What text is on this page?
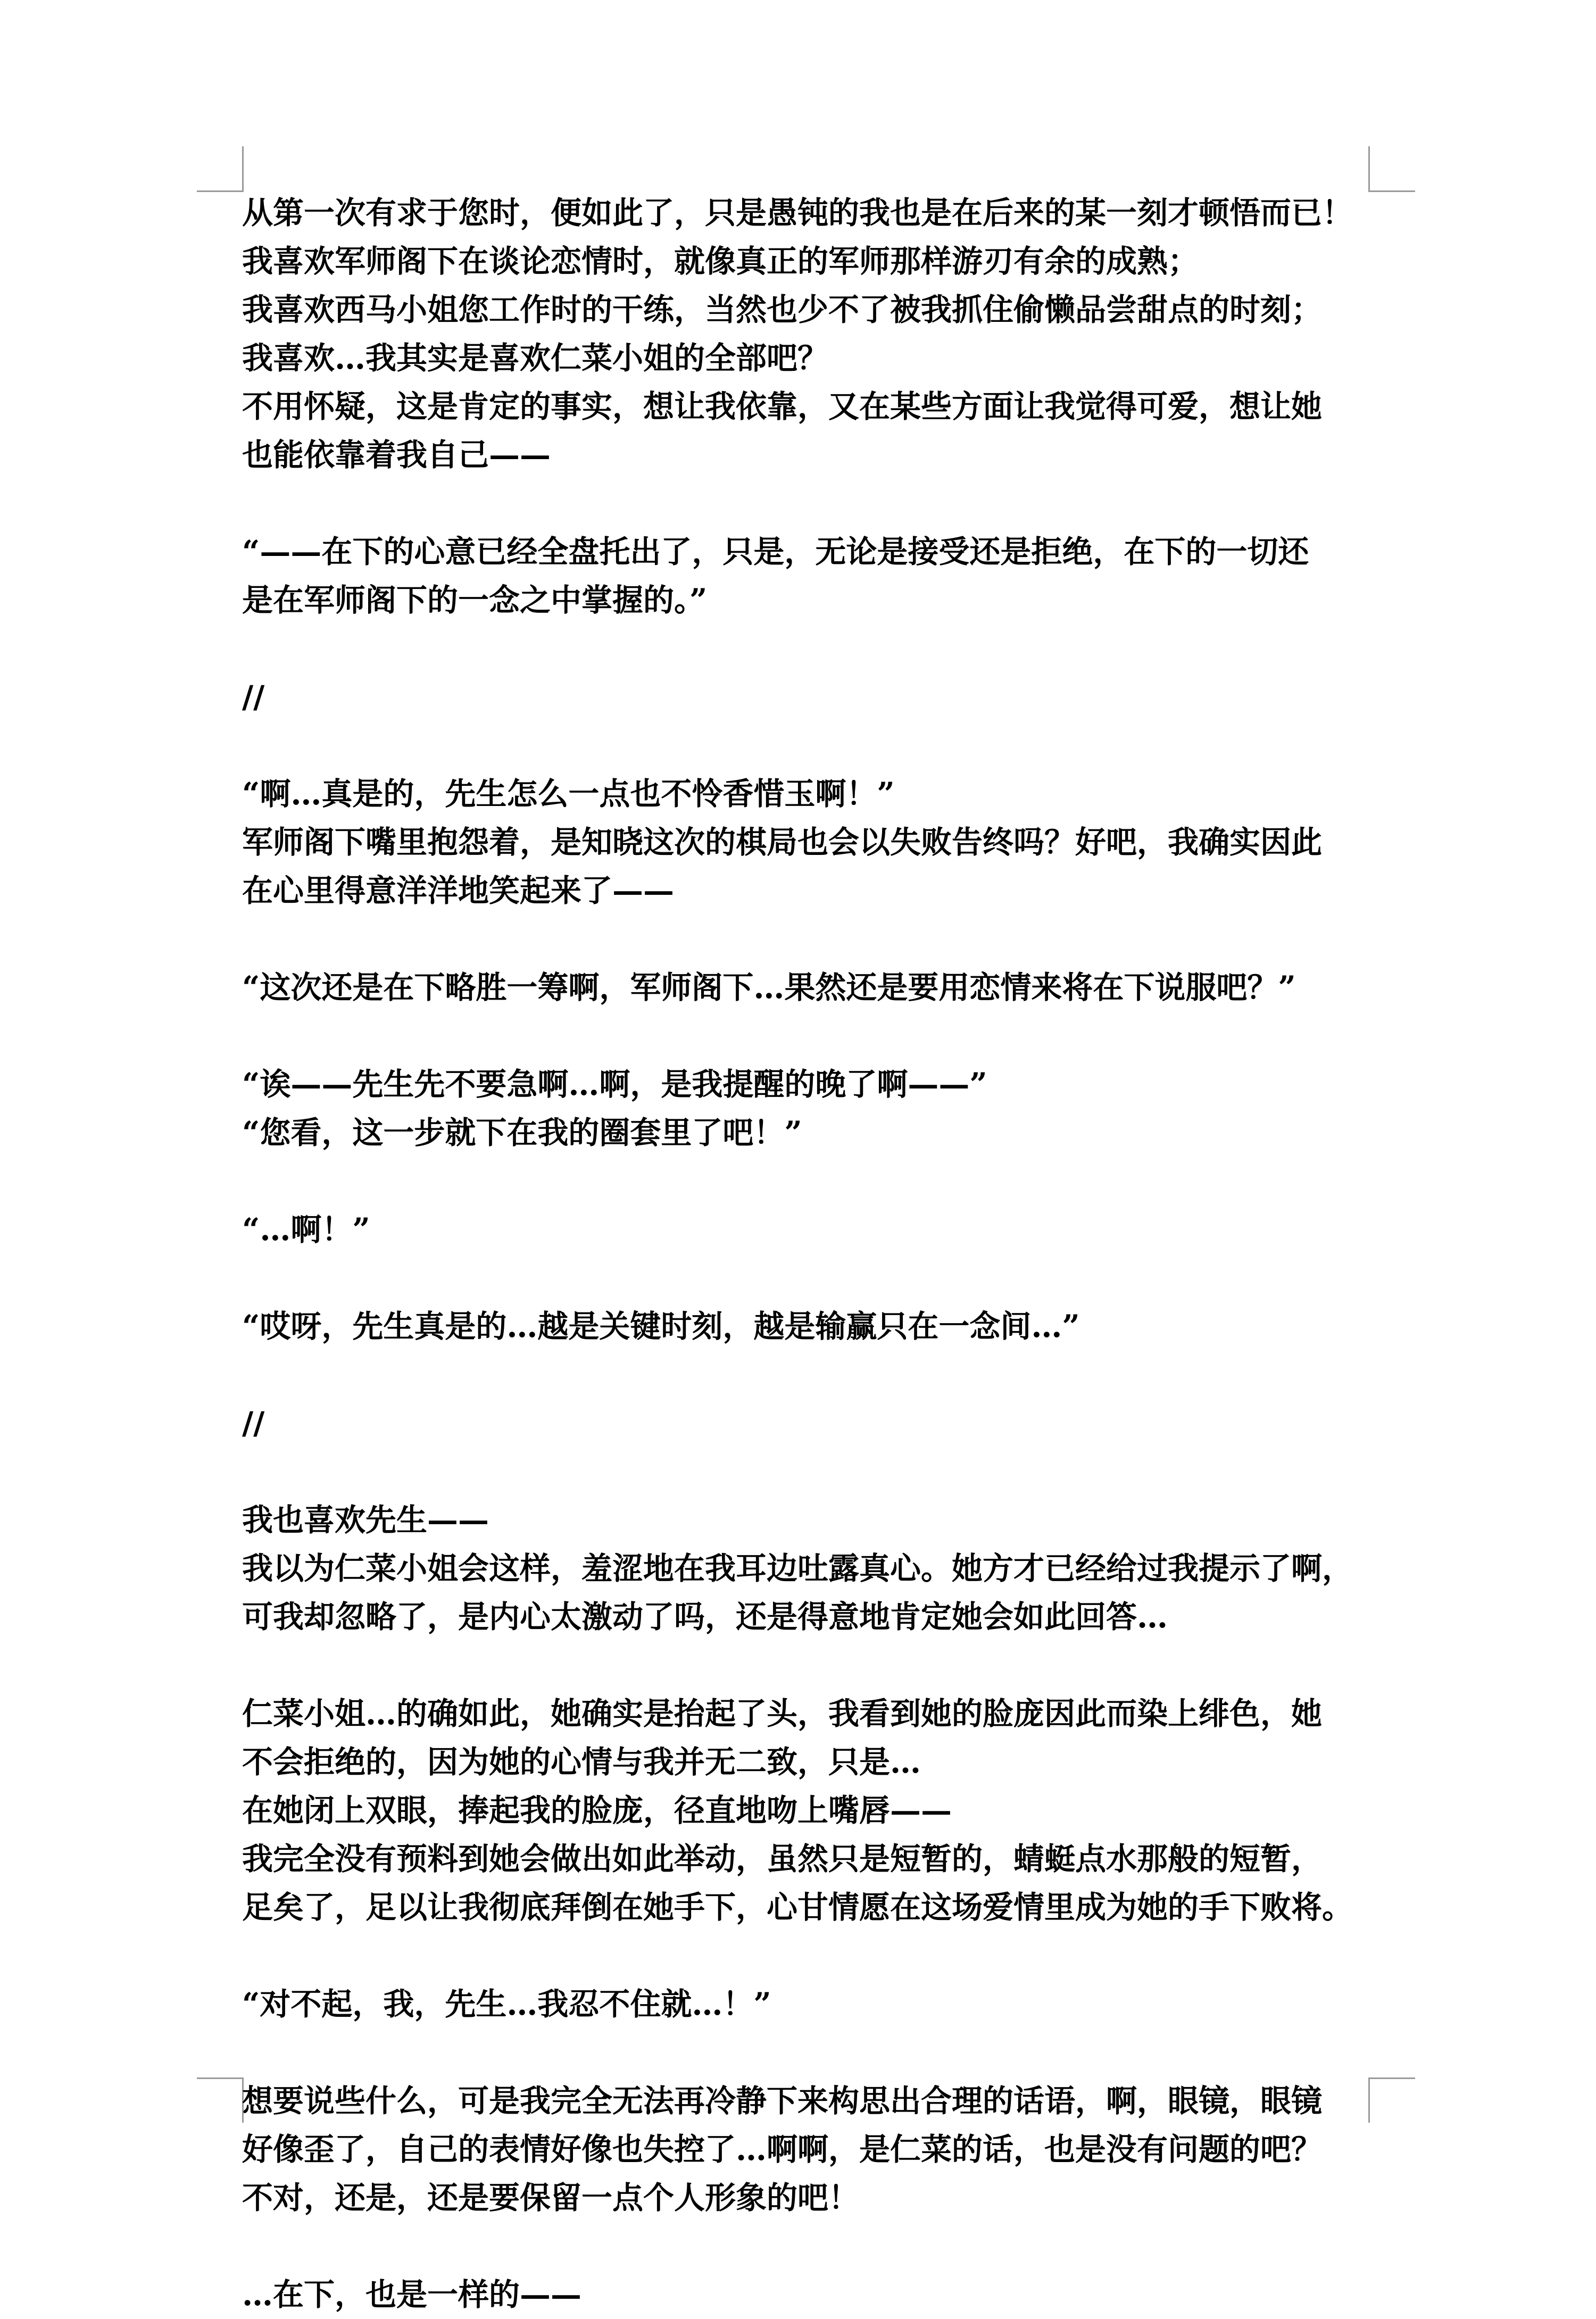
从第一次有求于您时，便如此了，只是愚钝的我也是在后来的某一刻才顿悟而已！
我喜欢军师阁下在谈论恋情时，就像真正的军师那样游刃有余的成熟；
我喜欢西马小姐您工作时的干练，当然也少不了被我抓住偷懒品尝甜点的时刻；
我喜欢…我其实是喜欢仁菜小姐的全部吧？
不用怀疑，这是肯定的事实，想让我依靠，又在某些方面让我觉得可爱，想让她
也能依靠着我自己——
“——在下的心意已经全盘托出了，只是，无论是接受还是拒绝，在下的一切还
是在军师阁下的一念之中掌握的。”
//
“啊…真是的，先生怎么一点也不怜香惜玉啊！”
军师阁下嘴里抱怨着，是知晓这次的棋局也会以失败告终吗？好吧，我确实因此
在心里得意洋洋地笑起来了——
“这次还是在下略胜一筹啊，军师阁下…果然还是要用恋情来将在下说服吧？”
“诶——先生先不要急啊…啊，是我提醒的晚了啊——”
“您看，这一步就下在我的圈套里了吧！”
“…啊！”
“哎呀，先生真是的…越是关键时刻，越是输赢只在一念间…”
//
我也喜欢先生——
我以为仁菜小姐会这样，羞涩地在我耳边吐露真心。她方才已经给过我提示了啊，
可我却忽略了，是内心太激动了吗，还是得意地肯定她会如此回答…
仁菜小姐…的确如此，她确实是抬起了头，我看到她的脸庞因此而染上绯色，她
不会拒绝的，因为她的心情与我并无二致，只是…
在她闭上双眼，捧起我的脸庞，径直地吻上嘴唇——
我完全没有预料到她会做出如此举动，虽然只是短暂的，蜻蜓点水那般的短暂，
足矣了，足以让我彻底拜倒在她手下，心甘情愿在这场爱情里成为她的手下败将。
“对不起，我，先生…我忍不住就…！”
想要说些什么，可是我完全无法再冷静下来构思出合理的话语，啊，眼镜，眼镜
好像歪了，自己的表情好像也失控了…啊啊，是仁菜的话，也是没有问题的吧？
不对，还是，还是要保留一点个人形象的吧！
…在下，也是一样的——
